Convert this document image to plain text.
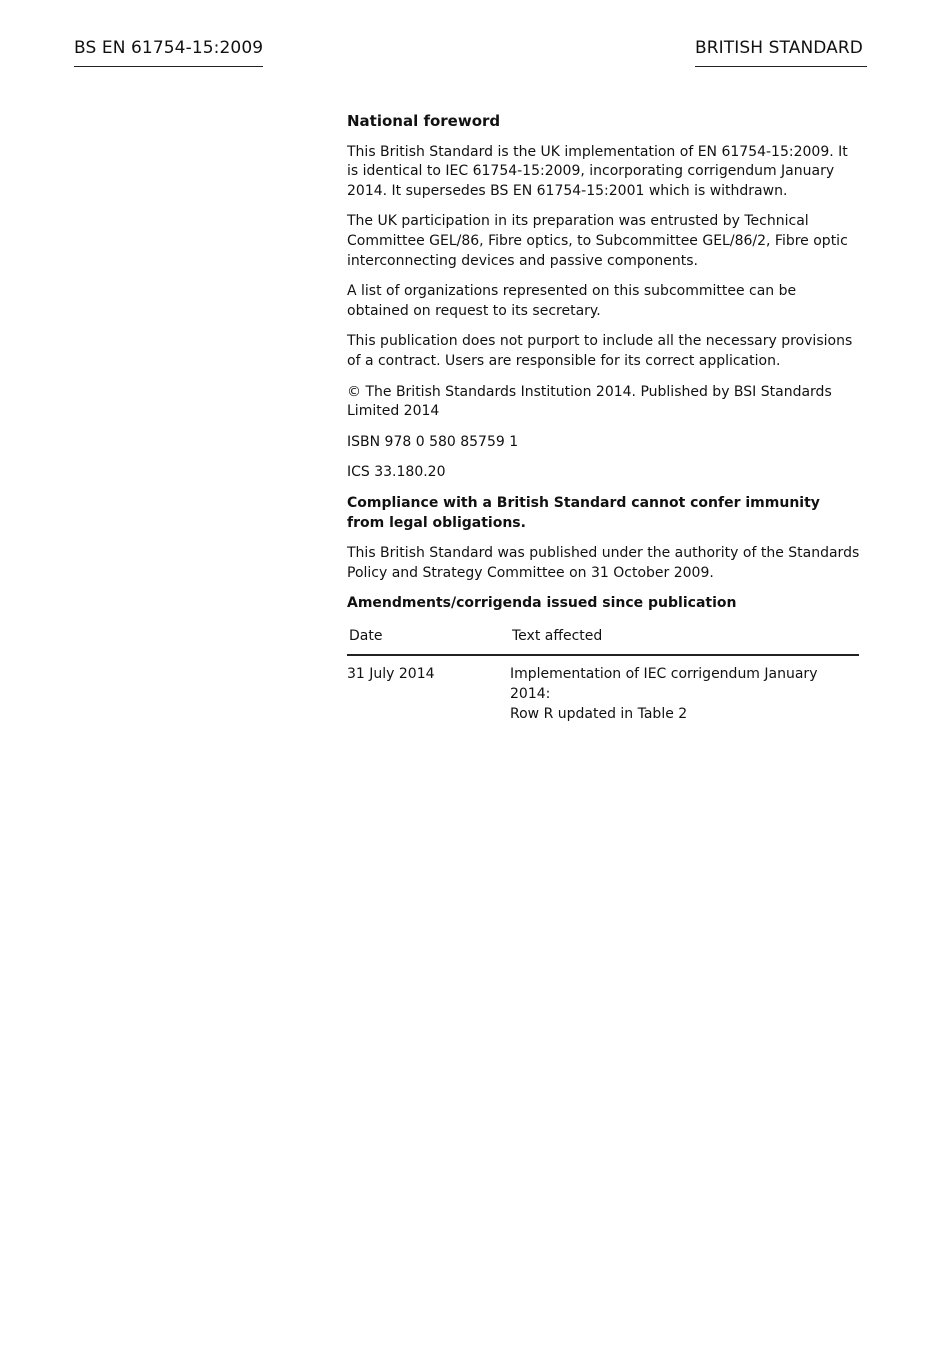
BS EN 61754-15:2009	BRITISH STANDARD

National foreword

This British Standard is the UK implementation of EN 61754-15:2009. It is identical to IEC 61754-15:2009, incorporating corrigendum January 2014. It supersedes BS EN 61754-15:2001 which is withdrawn.

The UK participation in its preparation was entrusted by Technical Committee GEL/86, Fibre optics, to Subcommittee GEL/86/2, Fibre optic interconnecting devices and passive components.

A list of organizations represented on this subcommittee can be obtained on request to its secretary.

This publication does not purport to include all the necessary provisions of a contract. Users are responsible for its correct application.

© The British Standards Institution 2014. Published by BSI Standards Limited 2014

ISBN 978 0 580 85759 1

ICS 33.180.20

Compliance with a British Standard cannot confer immunity from legal obligations.

This British Standard was published under the authority of the Standards Policy and Strategy Committee on 31 October 2009.

Amendments/corrigenda issued since publication

Date	Text affected
31 July 2014	Implementation of IEC corrigendum January 2014:
Row R updated in Table 2
